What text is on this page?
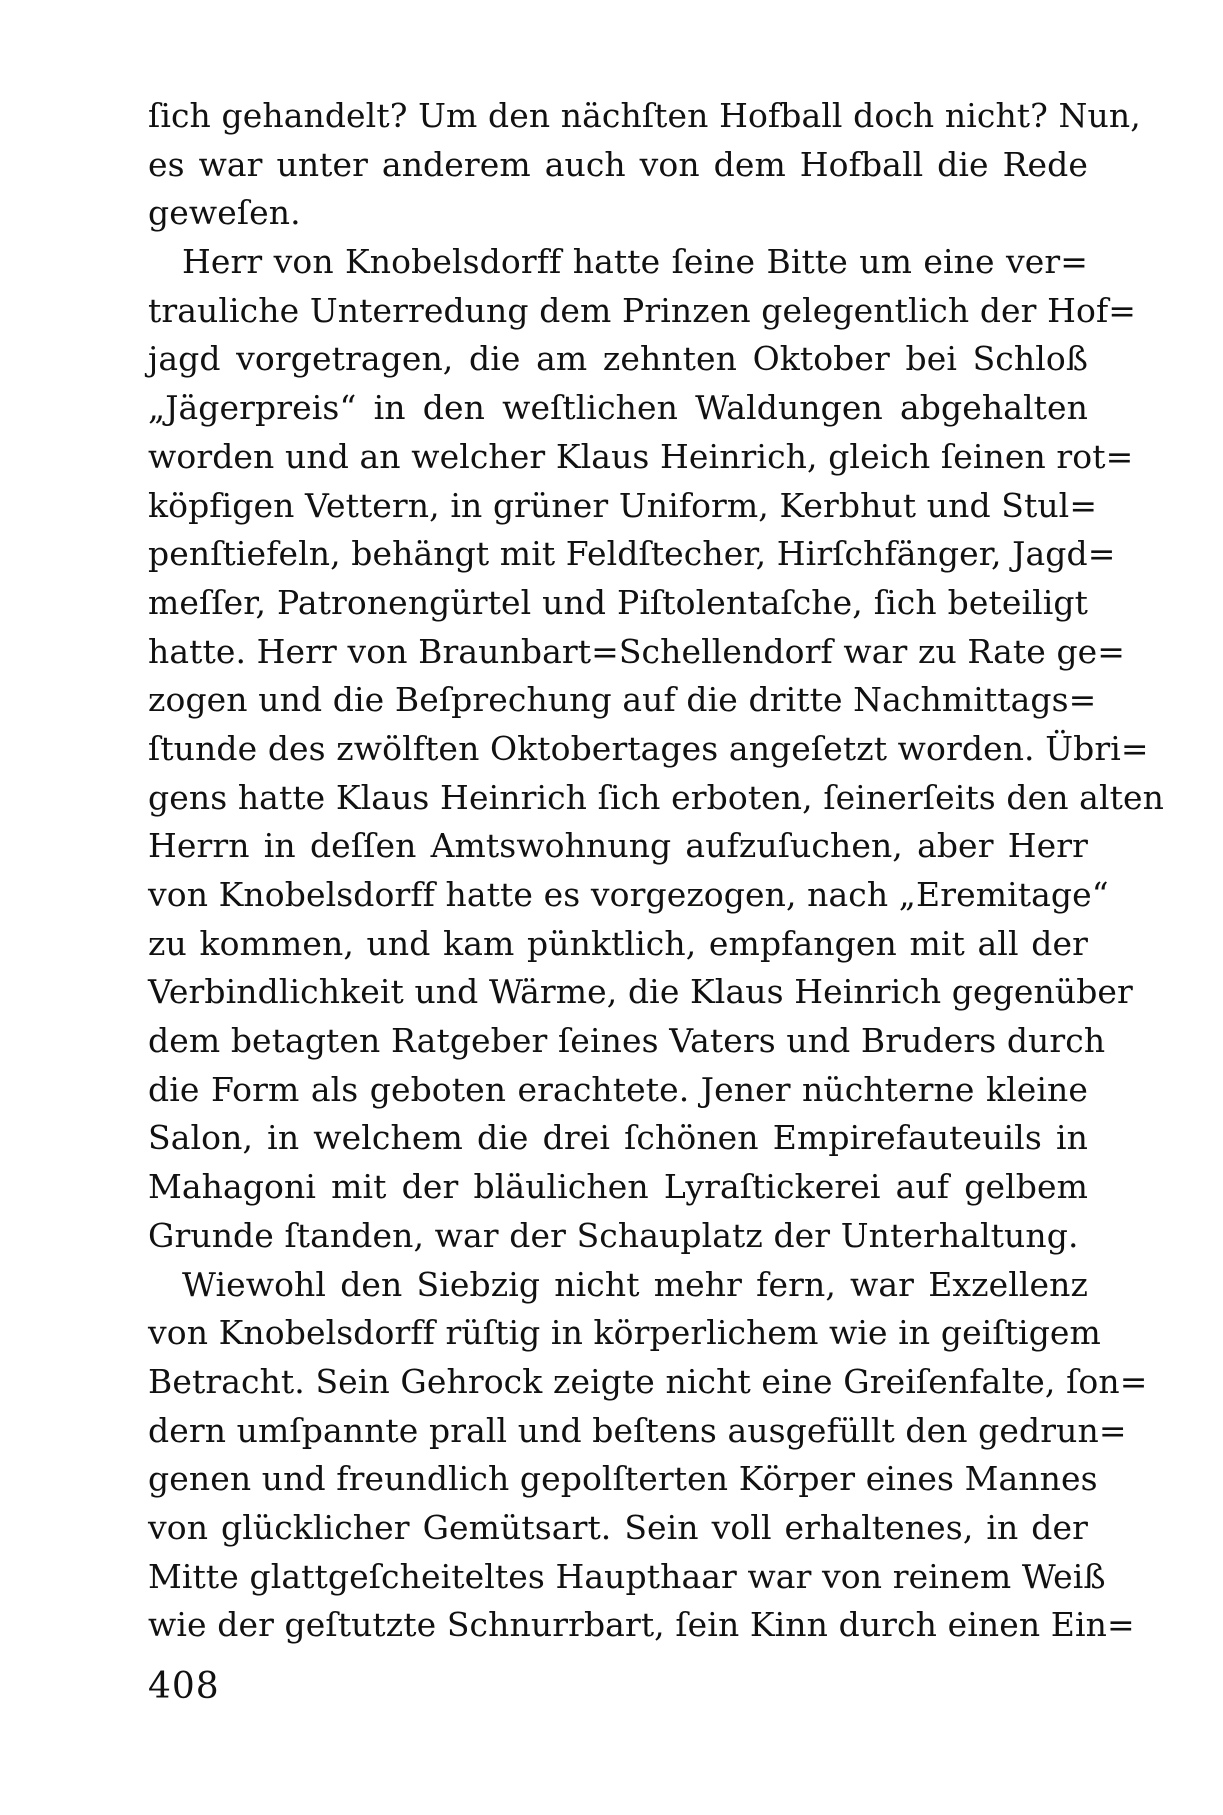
ſich gehandelt? Um den nächſten Hofball doch nicht? Nun,
es war unter anderem auch von dem Hofball die Rede
geweſen.
Herr von Knobelsdorff hatte ſeine Bitte um eine ver=
trauliche Unterredung dem Prinzen gelegentlich der Hof=
jagd vorgetragen, die am zehnten Oktober bei Schloß
„Jägerpreis“ in den weſtlichen Waldungen abgehalten
worden und an welcher Klaus Heinrich, gleich ſeinen rot=
köpfigen Vettern, in grüner Uniform, Kerbhut und Stul=
penſtiefeln, behängt mit Feldſtecher, Hirſchfänger, Jagd=
meſſer, Patronengürtel und Piſtolentaſche, ſich beteiligt
hatte. Herr von Braunbart=Schellendorf war zu Rate ge=
zogen und die Beſprechung auf die dritte Nachmittags=
ſtunde des zwölften Oktobertages angeſetzt worden. Übri=
gens hatte Klaus Heinrich ſich erboten, ſeinerſeits den alten
Herrn in deſſen Amtswohnung aufzuſuchen, aber Herr
von Knobelsdorff hatte es vorgezogen, nach „Eremitage“
zu kommen, und kam pünktlich, empfangen mit all der
Verbindlichkeit und Wärme, die Klaus Heinrich gegenüber
dem betagten Ratgeber ſeines Vaters und Bruders durch
die Form als geboten erachtete. Jener nüchterne kleine
Salon, in welchem die drei ſchönen Empirefauteuils in
Mahagoni mit der bläulichen Lyraſtickerei auf gelbem
Grunde ſtanden, war der Schauplatz der Unterhaltung.
Wiewohl den Siebzig nicht mehr fern, war Exzellenz
von Knobelsdorff rüſtig in körperlichem wie in geiſtigem
Betracht. Sein Gehrock zeigte nicht eine Greiſenfalte, ſon=
dern umſpannte prall und beſtens ausgefüllt den gedrun=
genen und freundlich gepolſterten Körper eines Mannes
von glücklicher Gemütsart. Sein voll erhaltenes, in der
Mitte glattgeſcheiteltes Haupthaar war von reinem Weiß
wie der geſtutzte Schnurrbart, ſein Kinn durch einen Ein=
408
